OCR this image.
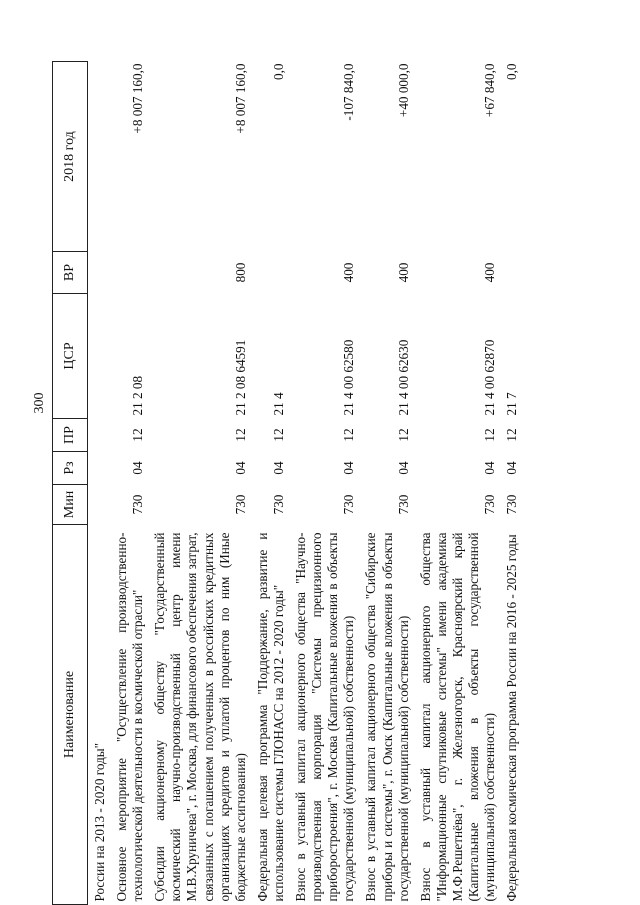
300
Наименование	Мин	Рз	ПР	ЦСР	ВР	2018 год
России на 2013 - 2020 годы"						
Основное мероприятие "Осуществление производственно-технологической деятельности в космической отрасли"	730	04	12	21 2 08		+8 007 160,0
Субсидии акционерному обществу "Государственный космический научно-производственный центр имени М.В.Хруничева", г. Москва, для финансового обеспечения затрат, связанных с погашением полученных в российских кредитных организациях кредитов и уплатой процентов по ним (Иные бюджетные ассигнования)	730	04	12	21 2 08 64591	800	+8 007 160,0
Федеральная целевая программа "Поддержание, развитие и использование системы ГЛОНАСС на 2012 - 2020 годы"	730	04	12	21 4		0,0
Взнос в уставный капитал акционерного общества "Научно-производственная корпорация "Системы прецизионного приборостроения", г. Москва (Капитальные вложения в объекты государственной (муниципальной) собственности)	730	04	12	21 4 00 62580	400	-107 840,0
Взнос в уставный капитал акционерного общества "Сибирские приборы и системы", г. Омск (Капитальные вложения в объекты государственной (муниципальной) собственности)	730	04	12	21 4 00 62630	400	+40 000,0
Взнос в уставный капитал акционерного общества "Информационные спутниковые системы" имени академика М.Ф.Решетнёва", г. Железногорск, Красноярский край (Капитальные вложения в объекты государственной (муниципальной) собственности)	730	04	12	21 4 00 62870	400	+67 840,0
Федеральная космическая программа России на 2016 - 2025 годы	730	04	12	21 7		0,0
